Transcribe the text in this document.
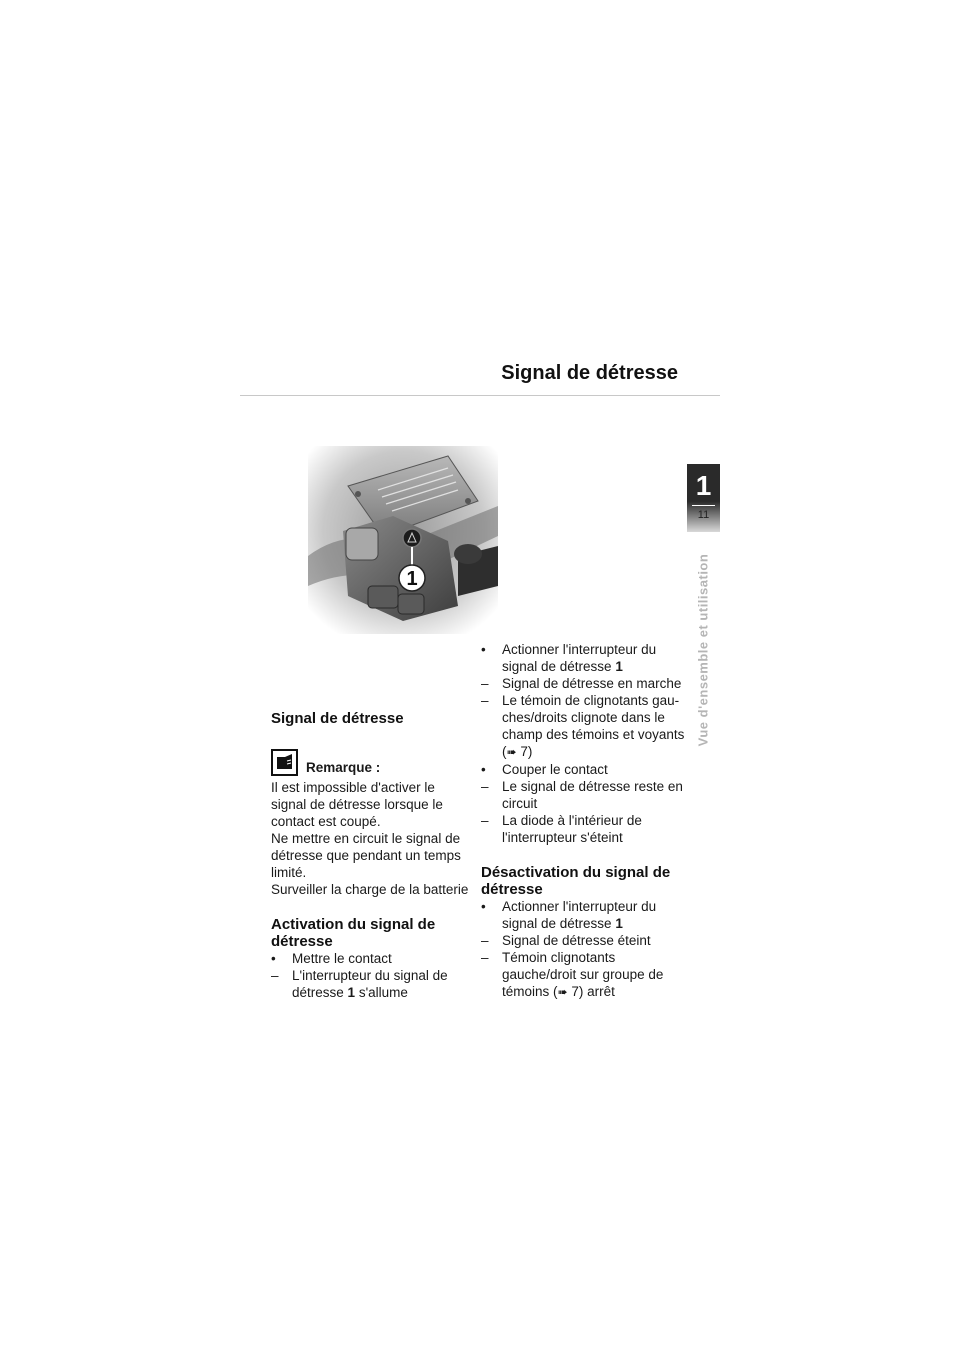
Signal de détresse
1
11
Vue d'ensemble et utilisation
1
Signal de détresse
Remarque :

Il est impossible d'activer le signal de détresse lorsque le contact est coupé.

Ne mettre en circuit le signal de détresse que pendant un temps limité.

Surveiller la charge de la batterie

Activation du signal de détresse
•	Mettre le contact
– L'interrupteur du signal de détresse 1 s'allume
•	Actionner l'interrupteur du signal de détresse 1
– Signal de détresse en marche
– Le témoin de clignotants gau-ches/droits clignote dans le champ des témoins et voyants (➠ 7)
•	Couper le contact
– Le signal de détresse reste en circuit
– La diode à l'intérieur de l'interrupteur s'éteint
Désactivation du signal de détresse
•	Actionner l'interrupteur du signal de détresse 1
– Signal de détresse éteint
– Témoin clignotants gauche/droit sur groupe de témoins (➠ 7) arrêt
